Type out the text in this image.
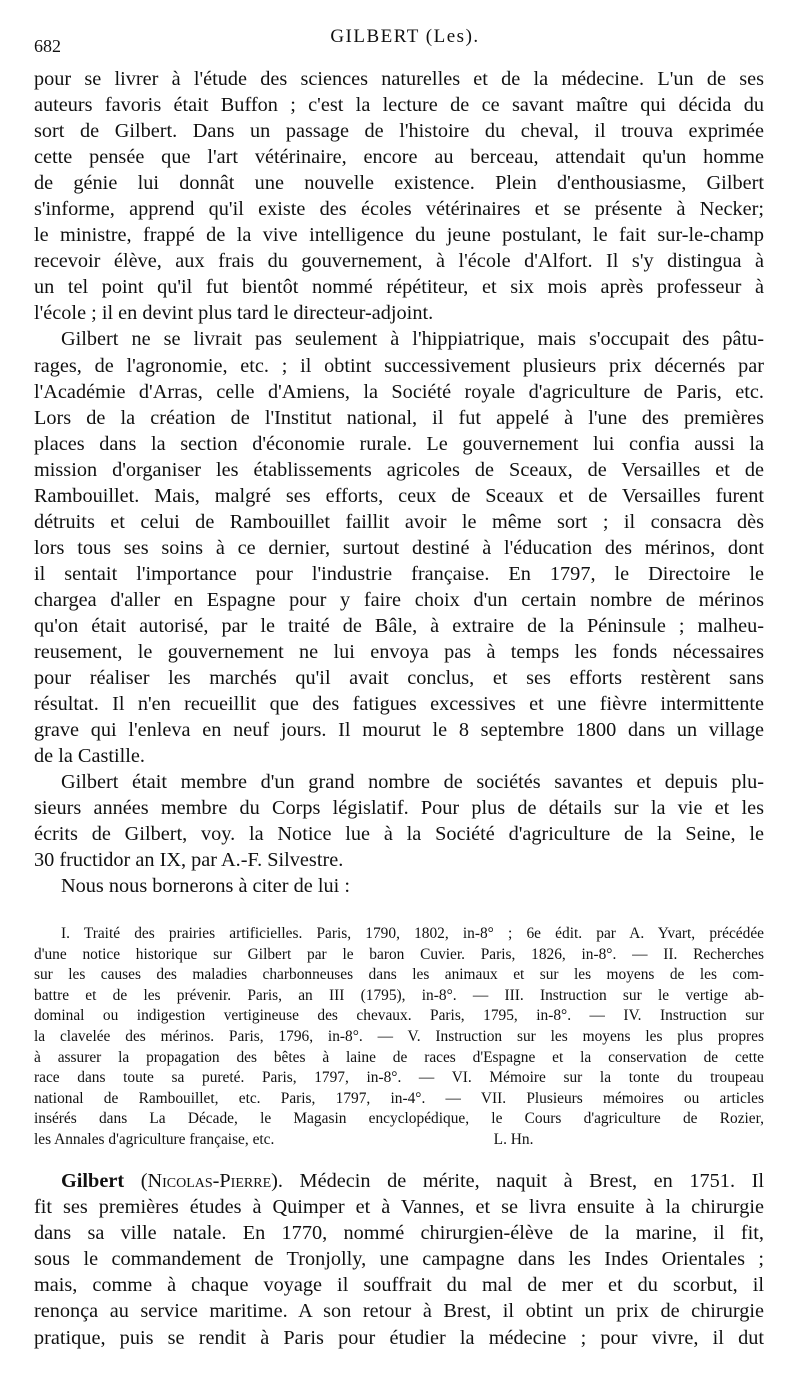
682	GILBERT (Les).
pour se livrer à l'étude des sciences naturelles et de la médecine. L'un de ses
auteurs favoris était Buffon ; c'est la lecture de ce savant maître qui décida du
sort de Gilbert. Dans un passage de l'histoire du cheval, il trouva exprimée
cette pensée que l'art vétérinaire, encore au berceau, attendait qu'un homme
de génie lui donnât une nouvelle existence. Plein d'enthousiasme, Gilbert
s'informe, apprend qu'il existe des écoles vétérinaires et se présente à Necker;
le ministre, frappé de la vive intelligence du jeune postulant, le fait sur-le-champ
recevoir élève, aux frais du gouvernement, à l'école d'Alfort. Il s'y distingua à
un tel point qu'il fut bientôt nommé répétiteur, et six mois après professeur à
l'école ; il en devint plus tard le directeur-adjoint.
Gilbert ne se livrait pas seulement à l'hippiatrique, mais s'occupait des pâtu-
rages, de l'agronomie, etc. ; il obtint successivement plusieurs prix décernés par
l'Académie d'Arras, celle d'Amiens, la Société royale d'agriculture de Paris, etc.
Lors de la création de l'Institut national, il fut appelé à l'une des premières
places dans la section d'économie rurale. Le gouvernement lui confia aussi la
mission d'organiser les établissements agricoles de Sceaux, de Versailles et de
Rambouillet. Mais, malgré ses efforts, ceux de Sceaux et de Versailles furent
détruits et celui de Rambouillet faillit avoir le même sort ; il consacra dès
lors tous ses soins à ce dernier, surtout destiné à l'éducation des mérinos, dont
il sentait l'importance pour l'industrie française. En 1797, le Directoire le
chargea d'aller en Espagne pour y faire choix d'un certain nombre de mérinos
qu'on était autorisé, par le traité de Bâle, à extraire de la Péninsule ; malheu-
reusement, le gouvernement ne lui envoya pas à temps les fonds nécessaires
pour réaliser les marchés qu'il avait conclus, et ses efforts restèrent sans
résultat. Il n'en recueillit que des fatigues excessives et une fièvre intermittente
grave qui l'enleva en neuf jours. Il mourut le 8 septembre 1800 dans un village
de la Castille.
Gilbert était membre d'un grand nombre de sociétés savantes et depuis plu-
sieurs années membre du Corps législatif. Pour plus de détails sur la vie et les
écrits de Gilbert, voy. la Notice lue à la Société d'agriculture de la Seine, le
30 fructidor an IX, par A.-F. Silvestre.
Nous nous bornerons à citer de lui :
I. Traité des prairies artificielles. Paris, 1790, 1802, in-8° ; 6e édit. par A. Yvart, précédée
d'une notice historique sur Gilbert par le baron Cuvier. Paris, 1826, in-8°. — II. Recherches
sur les causes des maladies charbonneuses dans les animaux et sur les moyens de les com-
battre et de les prévenir. Paris, an III (1795), in-8°. — III. Instruction sur le vertige ab-
dominal ou indigestion vertigineuse des chevaux. Paris, 1795, in-8°. — IV. Instruction sur
la clavelée des mérinos. Paris, 1796, in-8°. — V. Instruction sur les moyens les plus propres
à assurer la propagation des bêtes à laine de races d'Espagne et la conservation de cette
race dans toute sa pureté. Paris, 1797, in-8°. — VI. Mémoire sur la tonte du troupeau
national de Rambouillet, etc. Paris, 1797, in-4°. — VII. Plusieurs mémoires ou articles
insérés dans La Décade, le Magasin encyclopédique, le Cours d'agriculture de Rozier,
les Annales d'agriculture française, etc.                                                         L. Hn.
Gilbert (Nicolas-Pierre). Médecin de mérite, naquit à Brest, en 1751. Il
fit ses premières études à Quimper et à Vannes, et se livra ensuite à la chirurgie
dans sa ville natale. En 1770, nommé chirurgien-élève de la marine, il fit,
sous le commandement de Tronjolly, une campagne dans les Indes Orientales ;
mais, comme à chaque voyage il souffrait du mal de mer et du scorbut, il
renonça au service maritime. A son retour à Brest, il obtint un prix de chirurgie
pratique, puis se rendit à Paris pour étudier la médecine ; pour vivre, il dut
